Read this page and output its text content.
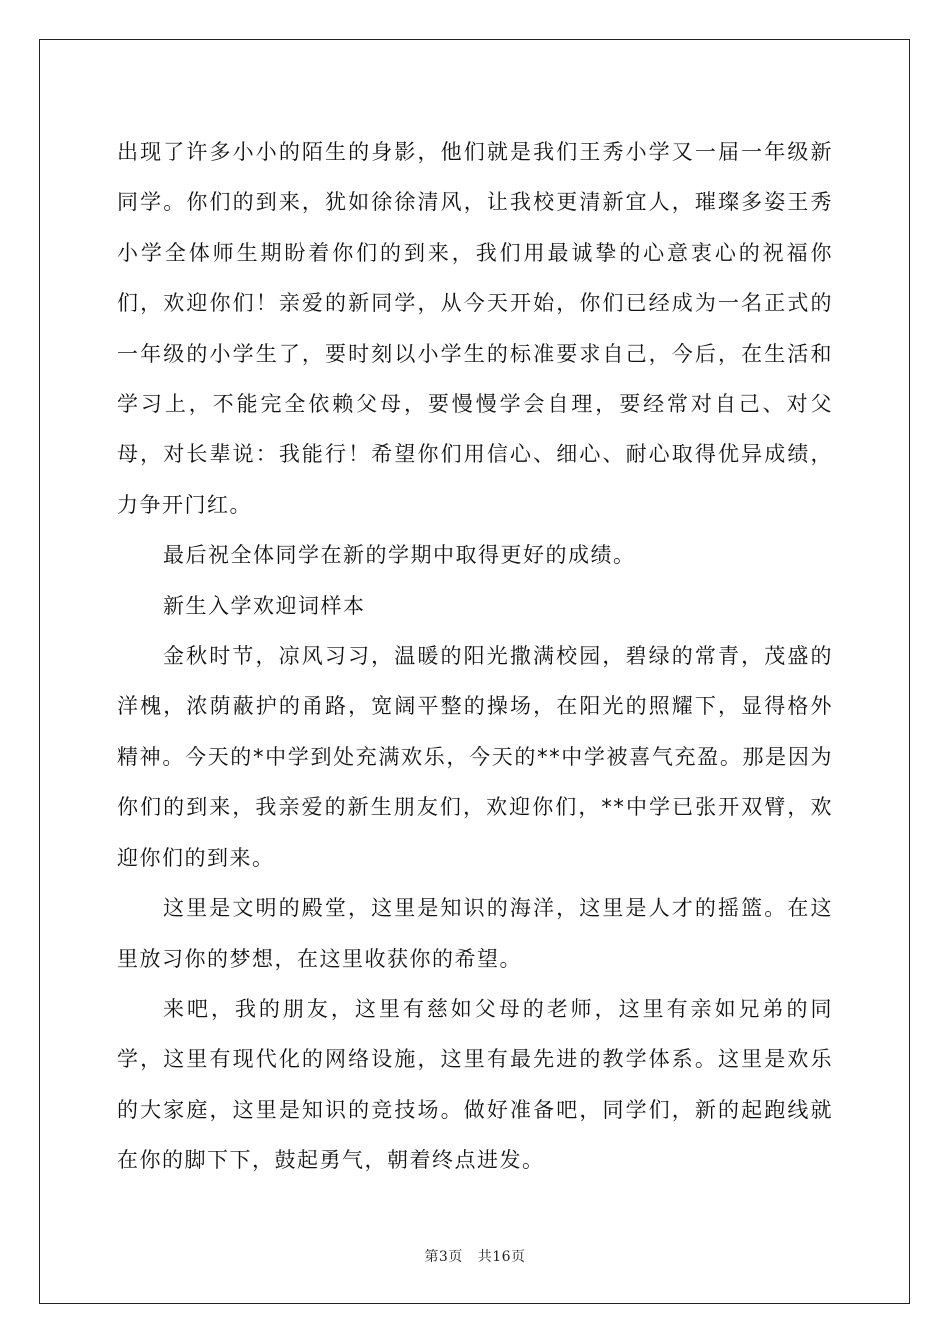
出现了许多小小的陌生的身影，他们就是我们王秀小学又一届一年级新同学。你们的到来，犹如徐徐清风，让我校更清新宜人，璀璨多姿王秀小学全体师生期盼着你们的到来，我们用最诚挚的心意衷心的祝福你们，欢迎你们！亲爱的新同学，从今天开始，你们已经成为一名正式的一年级的小学生了，要时刻以小学生的标准要求自己，今后，在生活和学习上，不能完全依赖父母，要慢慢学会自理，要经常对自己、对父母，对长辈说：我能行！希望你们用信心、细心、耐心取得优异成绩，力争开门红。

最后祝全体同学在新的学期中取得更好的成绩。

新生入学欢迎词样本

金秋时节，凉风习习，温暖的阳光撒满校园，碧绿的常青，茂盛的洋槐，浓荫蔽护的甬路，宽阔平整的操场，在阳光的照耀下，显得格外精神。今天的*中学到处充满欢乐，今天的**中学被喜气充盈。那是因为你们的到来，我亲爱的新生朋友们，欢迎你们，**中学已张开双臂，欢迎你们的到来。

这里是文明的殿堂，这里是知识的海洋，这里是人才的摇篮。在这里放习你的梦想，在这里收获你的希望。

来吧，我的朋友，这里有慈如父母的老师，这里有亲如兄弟的同学，这里有现代化的网络设施，这里有最先进的教学体系。这里是欢乐的大家庭，这里是知识的竞技场。做好准备吧，同学们，新的起跑线就在你的脚下下，鼓起勇气，朝着终点进发。

第3页 共16页
